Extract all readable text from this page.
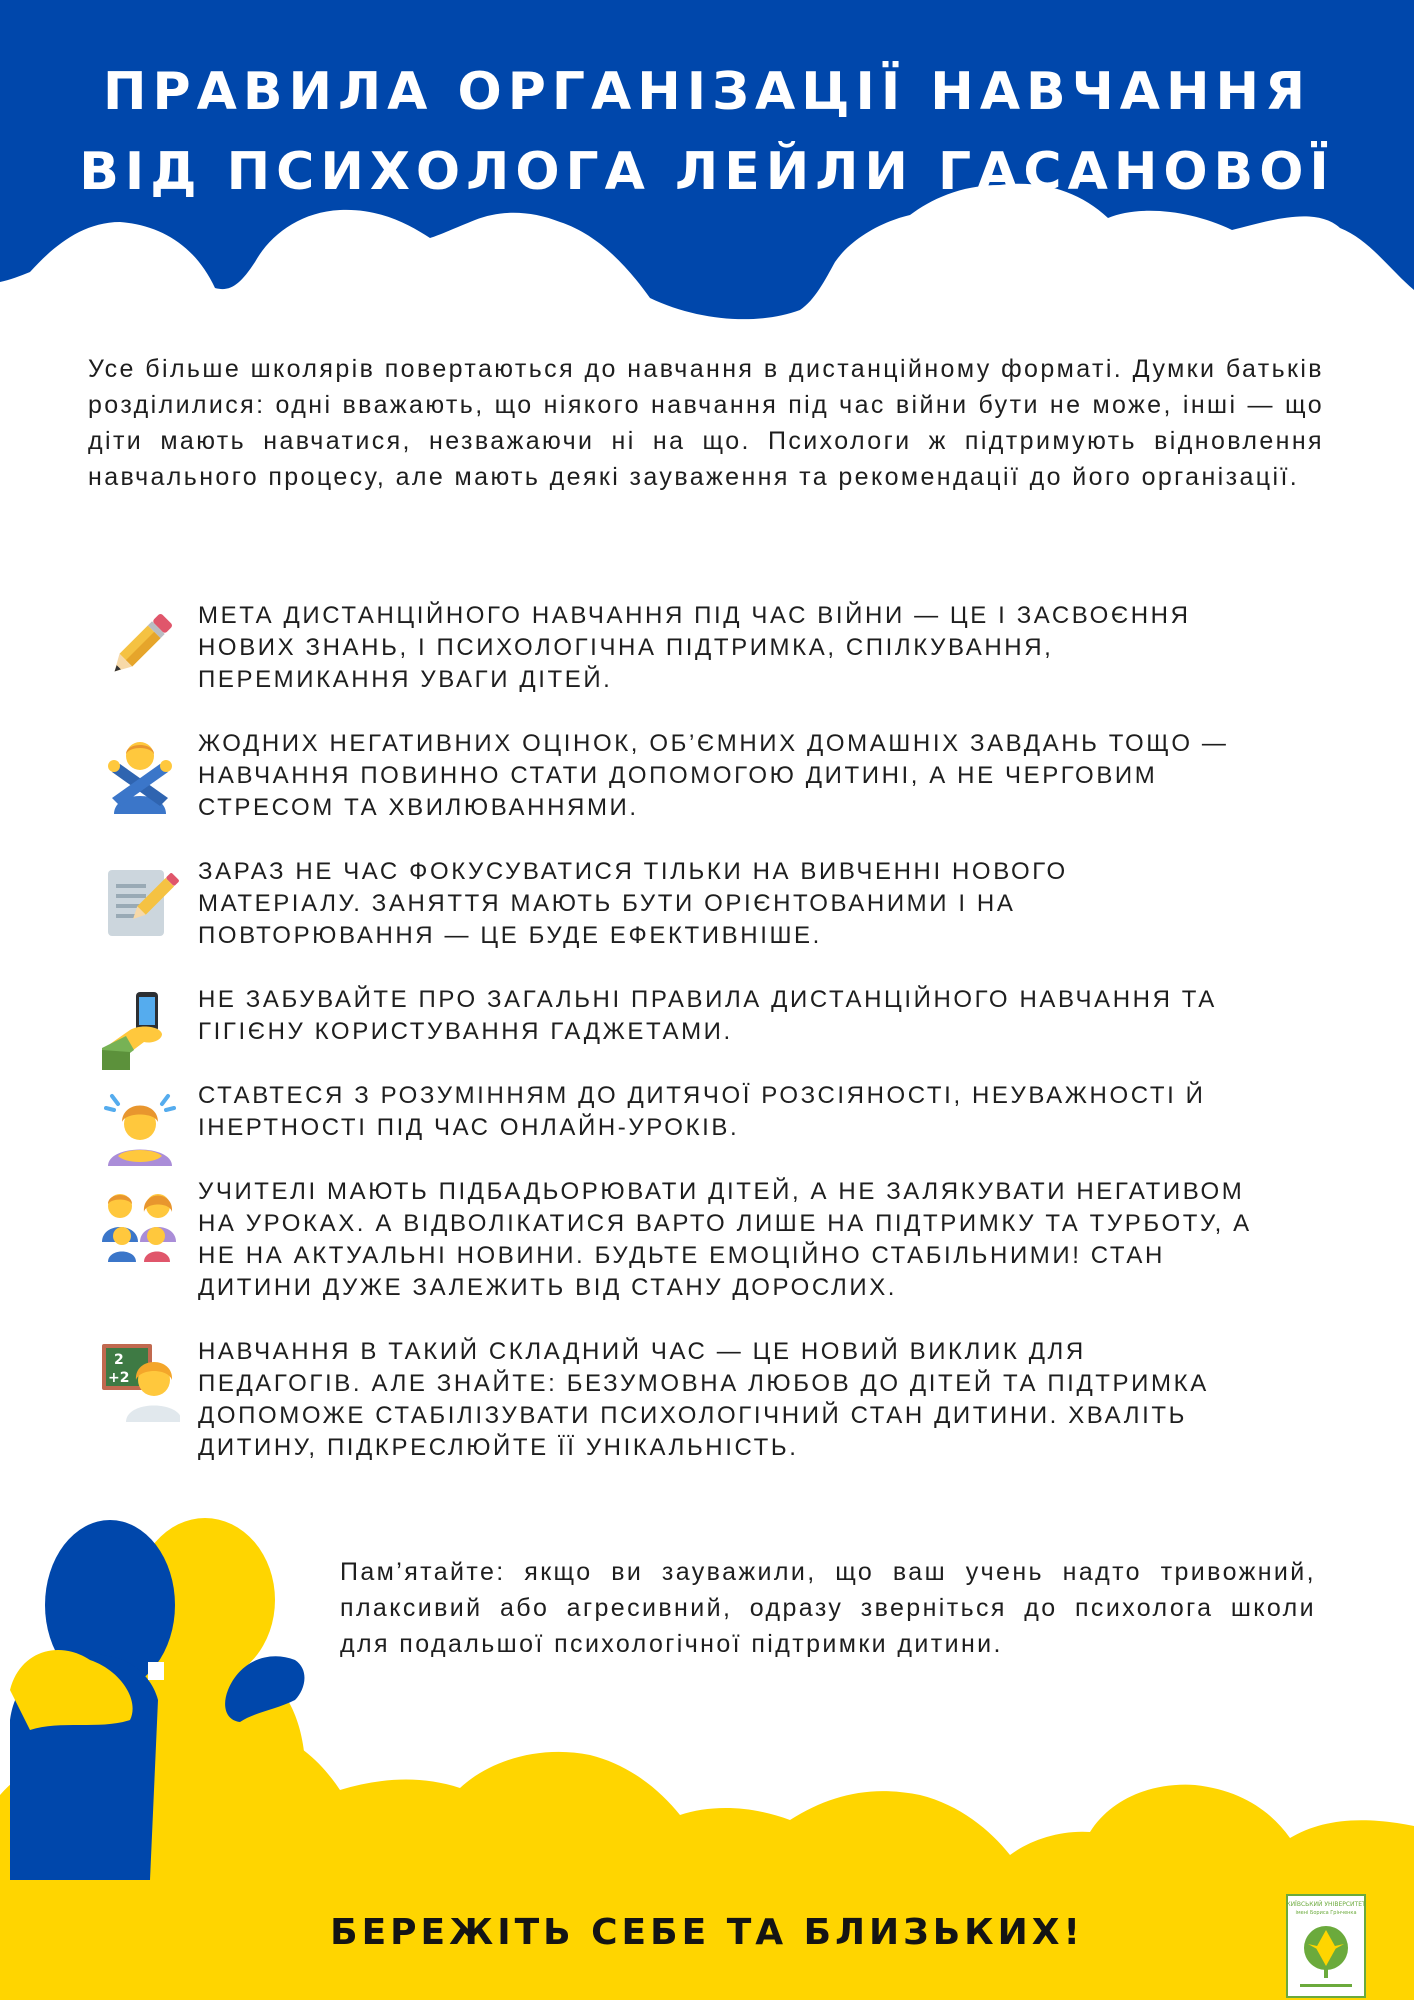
ПРАВИЛА ОРГАНІЗАЦІЇ НАВЧАННЯ
ВІД ПСИХОЛОГА ЛЕЙЛИ ГАСАНОВОЇ
Усе більше школярів повертаються до навчання в дистанційному форматі. Думки батьків розділилися: одні вважають, що ніякого навчання під час війни бути не може, інші — що діти мають навчатися, незважаючи ні на що. Психологи ж підтримують відновлення навчального процесу, але мають деякі зауваження та рекомендації до його організації.
МЕТА ДИСТАНЦІЙНОГО НАВЧАННЯ ПІД ЧАС ВІЙНИ — ЦЕ І ЗАСВОЄННЯ
НОВИХ ЗНАНЬ, І ПСИХОЛОГІЧНА ПІДТРИМКА, СПІЛКУВАННЯ,
ПЕРЕМИКАННЯ УВАГИ ДІТЕЙ.
ЖОДНИХ НЕГАТИВНИХ ОЦІНОК, ОБ’ЄМНИХ ДОМАШНІХ ЗАВДАНЬ ТОЩО —
НАВЧАННЯ ПОВИННО СТАТИ ДОПОМОГОЮ ДИТИНІ, А НЕ ЧЕРГОВИМ
СТРЕСОМ ТА ХВИЛЮВАННЯМИ.
ЗАРАЗ НЕ ЧАС ФОКУСУВАТИСЯ ТІЛЬКИ НА ВИВЧЕННІ НОВОГО
МАТЕРІАЛУ. ЗАНЯТТЯ МАЮТЬ БУТИ ОРІЄНТОВАНИМИ І НА
ПОВТОРЮВАННЯ — ЦЕ БУДЕ ЕФЕКТИВНІШЕ.
НЕ ЗАБУВАЙТЕ ПРО ЗАГАЛЬНІ ПРАВИЛА ДИСТАНЦІЙНОГО НАВЧАННЯ ТА
ГІГІЄНУ КОРИСТУВАННЯ ГАДЖЕТАМИ.
СТАВТЕСЯ З РОЗУМІННЯМ ДО ДИТЯЧОЇ РОЗСІЯНОСТІ, НЕУВАЖНОСТІ Й
ІНЕРТНОСТІ ПІД ЧАС ОНЛАЙН-УРОКІВ.
УЧИТЕЛІ МАЮТЬ ПІДБАДЬОРЮВАТИ ДІТЕЙ, А НЕ ЗАЛЯКУВАТИ НЕГАТИВОМ
НА УРОКАХ. А ВІДВОЛІКАТИСЯ ВАРТО ЛИШЕ НА ПІДТРИМКУ ТА ТУРБОТУ, А
НЕ НА АКТУАЛЬНІ НОВИНИ. БУДЬТЕ ЕМОЦІЙНО СТАБІЛЬНИМИ! СТАН
ДИТИНИ ДУЖЕ ЗАЛЕЖИТЬ ВІД СТАНУ ДОРОСЛИХ.
2
+2
НАВЧАННЯ В ТАКИЙ СКЛАДНИЙ ЧАС — ЦЕ НОВИЙ ВИКЛИК ДЛЯ
ПЕДАГОГІВ. АЛЕ ЗНАЙТЕ: БЕЗУМОВНА ЛЮБОВ ДО ДІТЕЙ ТА ПІДТРИМКА
ДОПОМОЖЕ СТАБІЛІЗУВАТИ ПСИХОЛОГІЧНИЙ СТАН ДИТИНИ. ХВАЛІТЬ
ДИТИНУ, ПІДКРЕСЛЮЙТЕ ЇЇ УНІКАЛЬНІСТЬ.
Пам’ятайте: якщо ви зауважили, що ваш учень надто тривожний, плаксивий або агресивний, одразу зверніться до психолога школи для подальшої психологічної підтримки дитини.
БЕРЕЖІТЬ СЕБЕ ТА БЛИЗЬКИХ!
КИЇВСЬКИЙ УНІВЕРСИТЕТ
імені Бориса Грінченка
